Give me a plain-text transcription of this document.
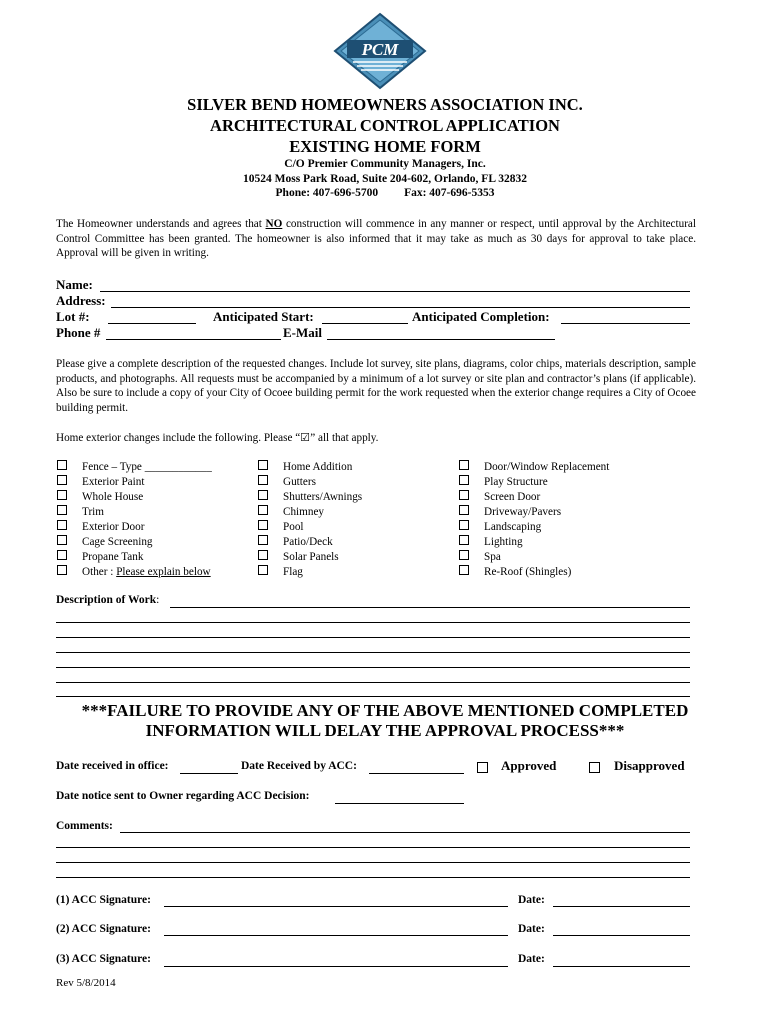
PCM
SILVER BEND HOMEOWNERS ASSOCIATION INC.
ARCHITECTURAL CONTROL APPLICATION
EXISTING HOME FORM
C/O Premier Community Managers, Inc.
10524 Moss Park Road, Suite 204-602, Orlando, FL 32832
Phone: 407-696-5700 Fax: 407-696-5353
The Homeowner understands and agrees that NO construction will commence in any manner or respect, until approval by the Architectural Control Committee has been granted. The homeowner is also informed that it may take as much as 30 days for approval to take place. Approval will be given in writing.
Name:
Address:
Lot #:	Anticipated Start:	Anticipated Completion:
Phone #	E-Mail
Please give a complete description of the requested changes. Include lot survey, site plans, diagrams, color chips, materials description, sample products, and photographs. All requests must be accompanied by a minimum of a lot survey or site plan and contractor’s plans (if applicable). Also be sure to include a copy of your City of Ocoee building permit for the work requested when the exterior change requires a City of Ocoee building permit.
Home exterior changes include the following. Please “☑” all that apply.
Fence – Type ____________
Exterior Paint
Whole House
Trim
Exterior Door
Cage Screening
Propane Tank
Other : Please explain below
Home Addition
Gutters
Shutters/Awnings
Chimney
Pool
Patio/Deck
Solar Panels
Flag
Door/Window Replacement
Play Structure
Screen Door
Driveway/Pavers
Landscaping
Lighting
Spa
Re-Roof (Shingles)
Description of Work:
***FAILURE TO PROVIDE ANY OF THE ABOVE MENTIONED COMPLETED
INFORMATION WILL DELAY THE APPROVAL PROCESS***
Date received in office:	Date Received by ACC:	Approved	Disapproved
Date notice sent to Owner regarding ACC Decision:
Comments:
(1) ACC Signature:	Date:
(2) ACC Signature:	Date:
(3) ACC Signature:	Date:
Rev 5/8/2014
